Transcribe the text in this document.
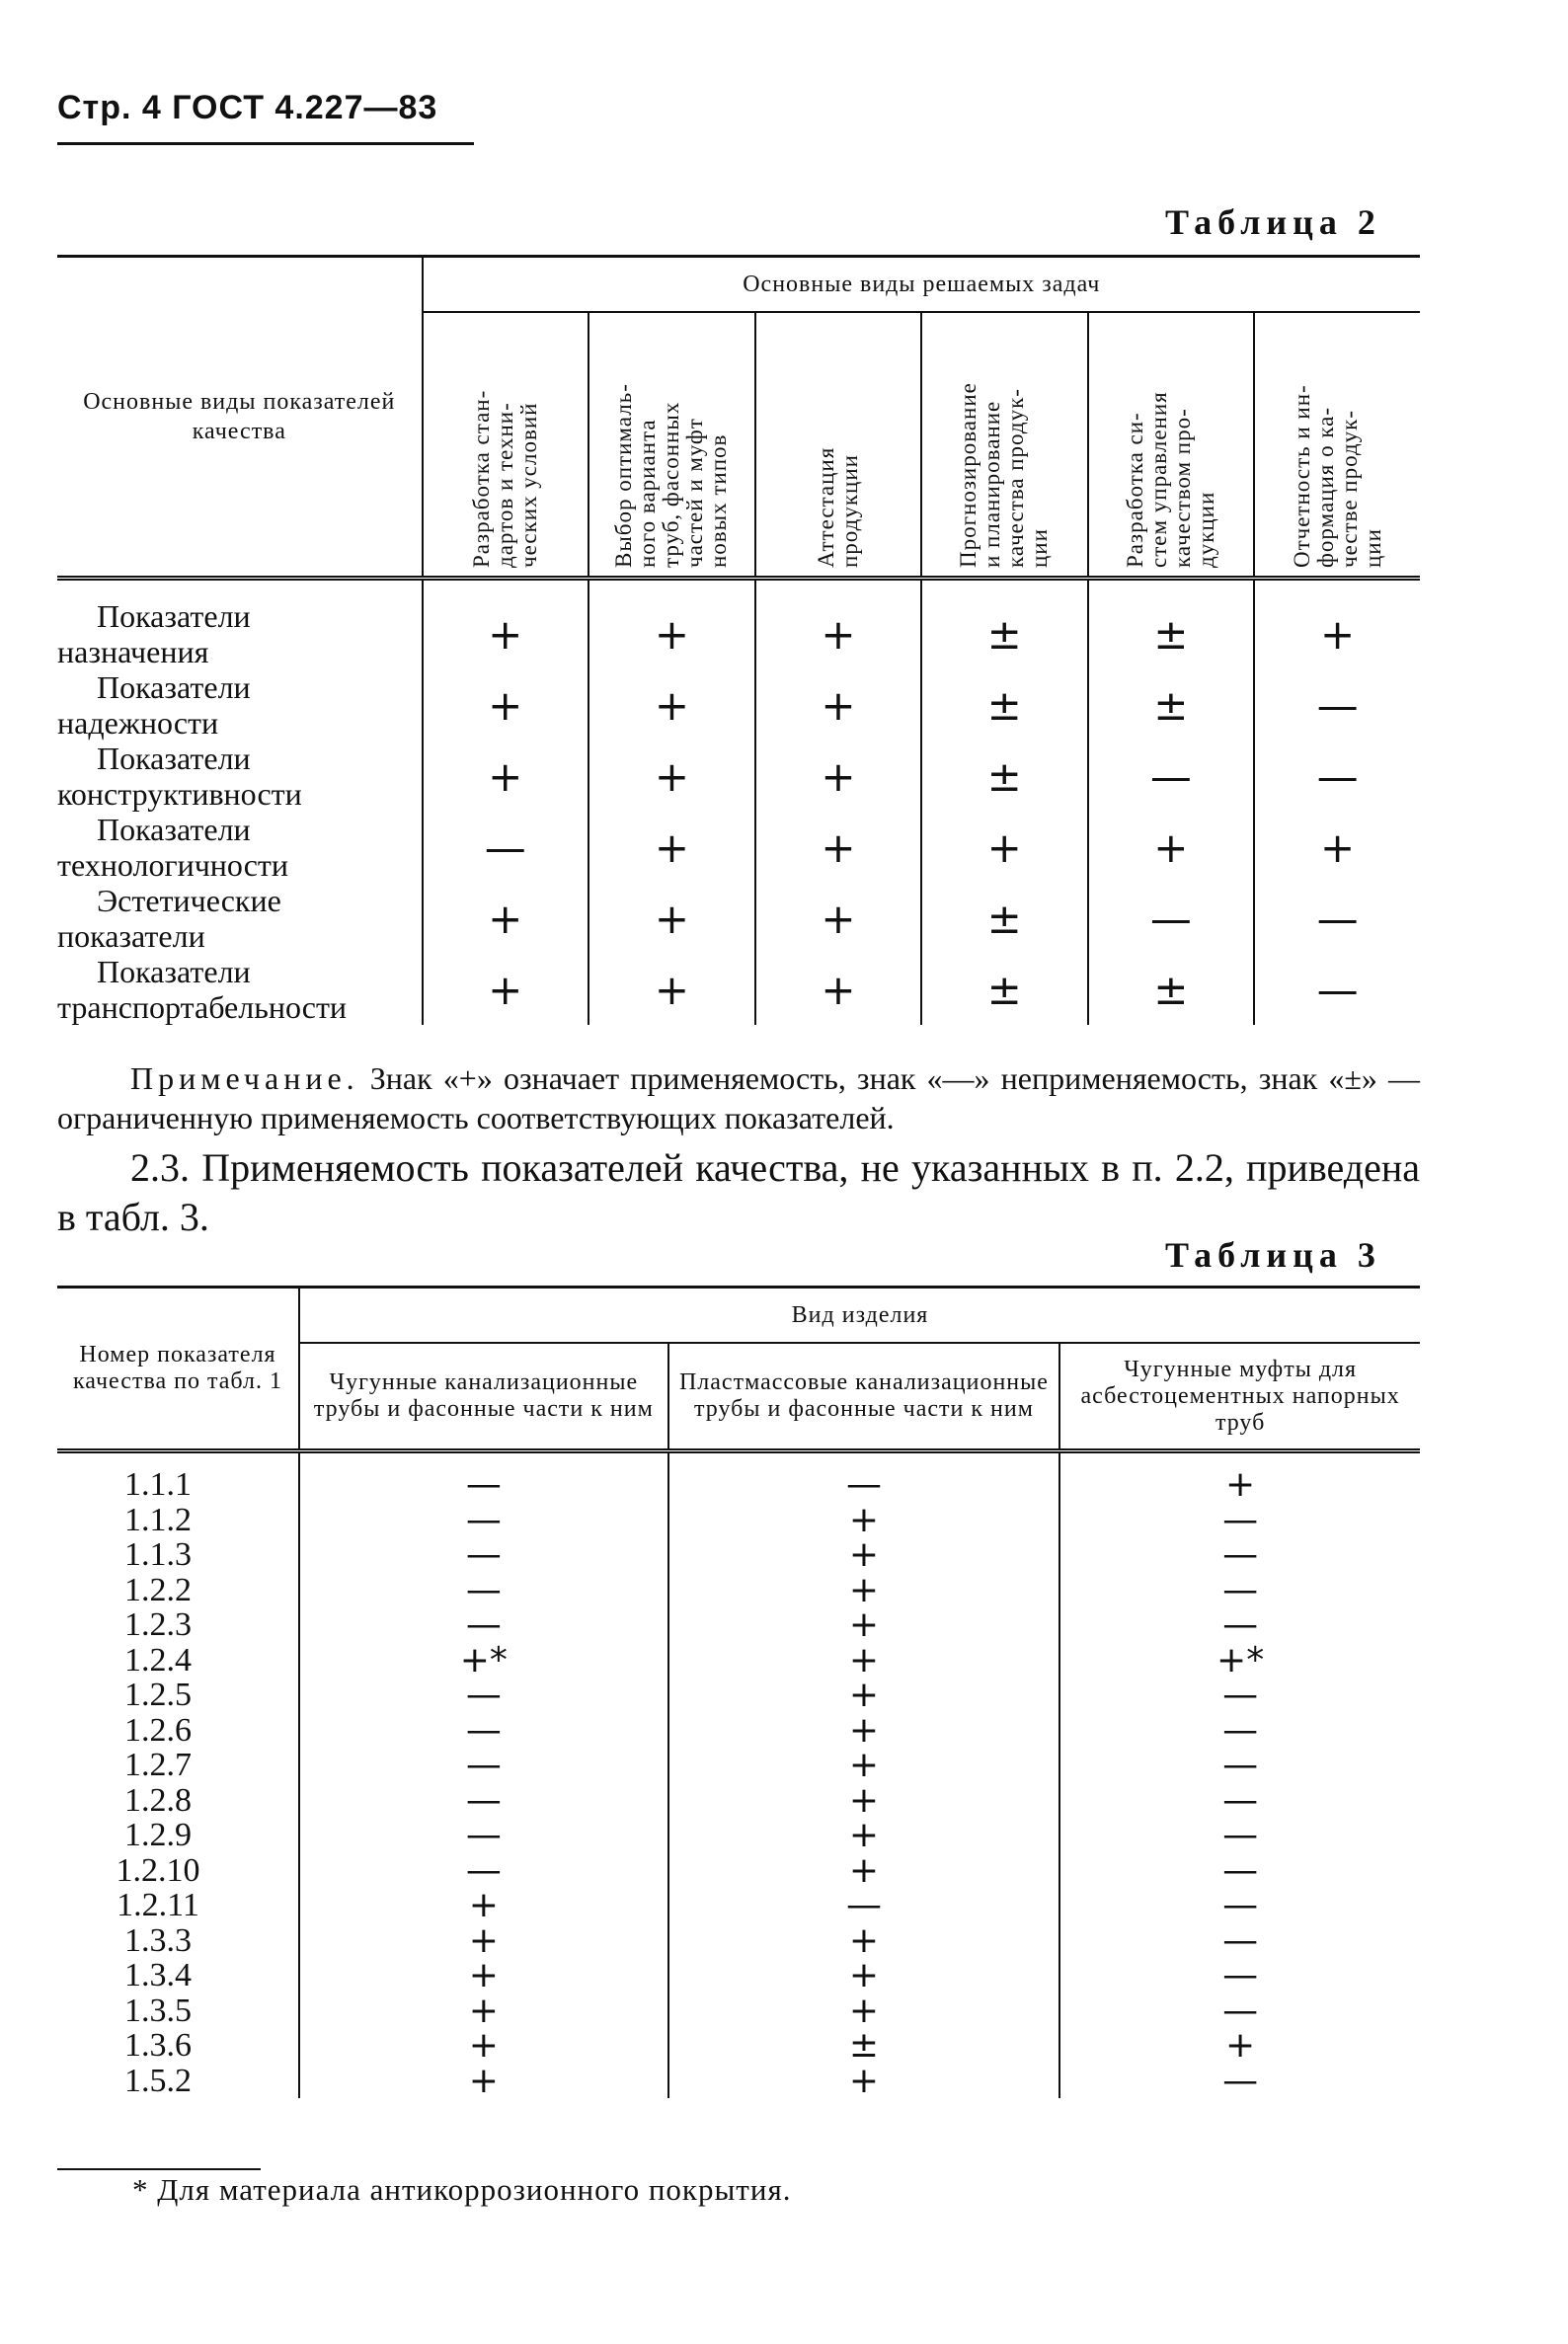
Стр. 4 ГОСТ 4.227—83
Таблица 2
Основные виды показателей качества	Основные виды решаемых задач					

	Разработка стан-
дартов и техни-
ческих условий	Выбор оптималь-
ного варианта
труб, фасонных
частей и муфт
новых типов	Аттестация
продукции	Прогнозирование
и планирование
качества продук-
ции	Разработка си-
стем управления
качеством про-
дукции	Отчетность и ин-
формация о ка-
честве продук-
ции

Показатели
назначения	+	+	+	±	±	+

Показатели
надежности	+	+	+	±	±	—

Показатели
конструктивности	+	+	+	±	—	—

Показатели
технологичности	—	+	+	+	+	+

Эстетические
показатели	+	+	+	±	—	—

Показатели
транспортабельности	+	+	+	±	±	—
Примечание. Знак «+» означает применяемость, знак «—» неприменяемость, знак «±» — ограниченную применяемость соответствующих показателей.
2.3. Применяемость показателей качества, не указанных в п. 2.2, приведена в табл. 3.
Таблица 3
Номер показателя качества по табл. 1	Вид изделия		
	Чугунные канализационные трубы и фасонные части к ним	Пластмассовые канализационные трубы и фасонные части к ним	Чугунные муфты для асбестоцементных напорных труб
1.1.1	—	—	+
1.1.2	—	+	—
1.1.3	—	+	—
1.2.2	—	+	—
1.2.3	—	+	—
1.2.4	+*	+	+*
1.2.5	—	+	—
1.2.6	—	+	—
1.2.7	—	+	—
1.2.8	—	+	—
1.2.9	—	+	—
1.2.10	—	+	—
1.2.11	+	—	—
1.3.3	+	+	—
1.3.4	+	+	—
1.3.5	+	+	—
1.3.6	+	±	+
1.5.2	+	+	—
* Для материала антикоррозионного покрытия.
